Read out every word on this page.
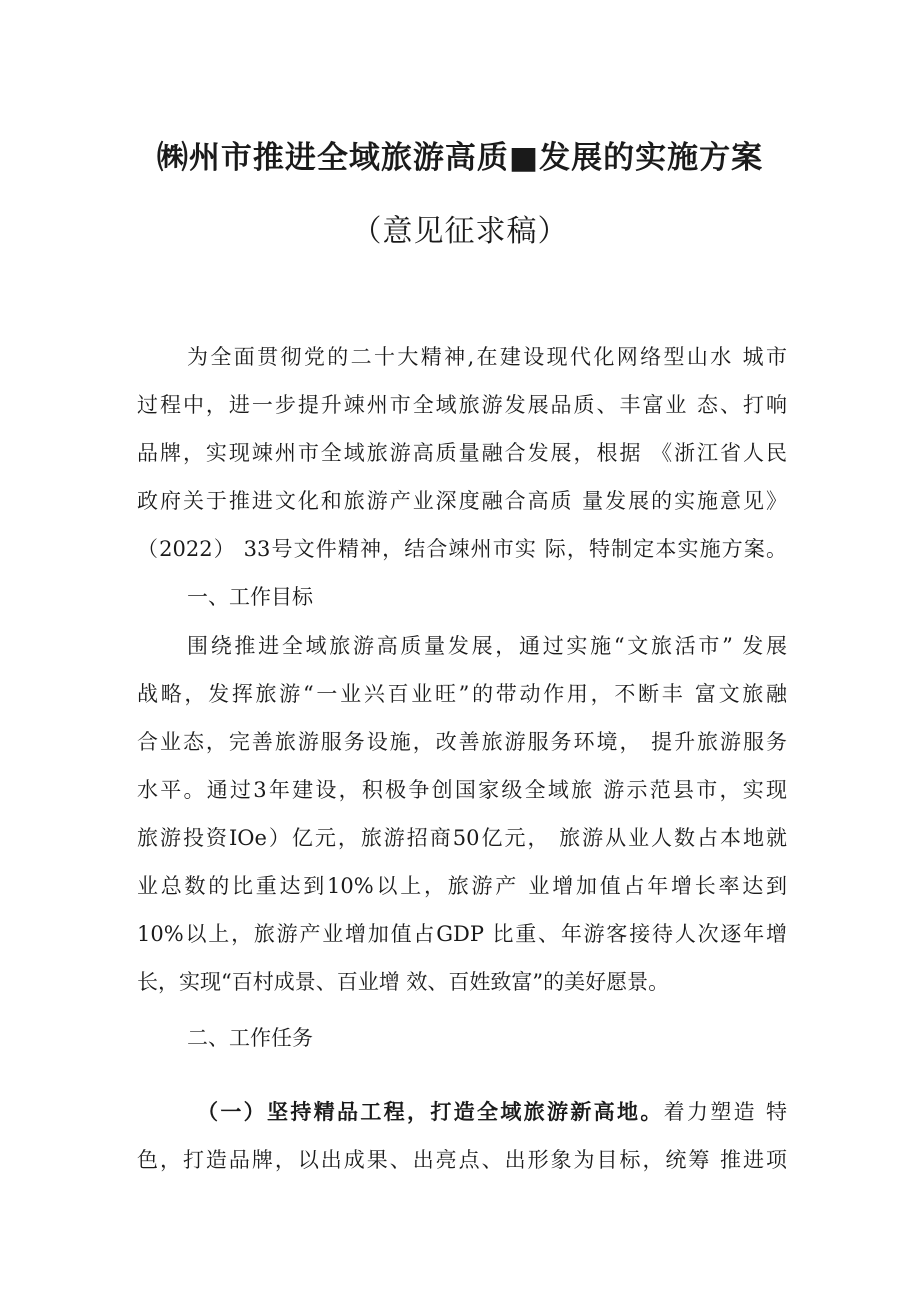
㈱州市推进全域旅游高质■发展的实施方案
（意见征求稿）
为全面贯彻党的二十大精神,在建设现代化网络型山水 城市
过程中，进一步提升竦州市全域旅游发展品质、丰富业 态、打响
品牌，实现竦州市全域旅游高质量融合发展，根据 《浙江省人民
政府关于推进文化和旅游产业深度融合高质 量发展的实施意见》
（2022） 33号文件精神，结合竦州市实 际，特制定本实施方案。
一、工作目标
围绕推进全域旅游高质量发展，通过实施“文旅活市” 发展
战略，发挥旅游“一业兴百业旺”的带动作用，不断丰 富文旅融
合业态，完善旅游服务设施，改善旅游服务环境， 提升旅游服务
水平。通过3年建设，积极争创国家级全域旅 游示范县市，实现
旅游投资IOe）亿元，旅游招商50亿元， 旅游从业人数占本地就
业总数的比重达到10%以上，旅游产 业增加值占年增长率达到
10%以上，旅游产业增加值占GDP 比重、年游客接待人次逐年增
长，实现“百村成景、百业增 效、百姓致富”的美好愿景。
二、工作任务
（一）坚持精品工程，打造全域旅游新高地。着力塑造 特
色，打造品牌，以出成果、出亮点、出形象为目标，统筹 推进项
